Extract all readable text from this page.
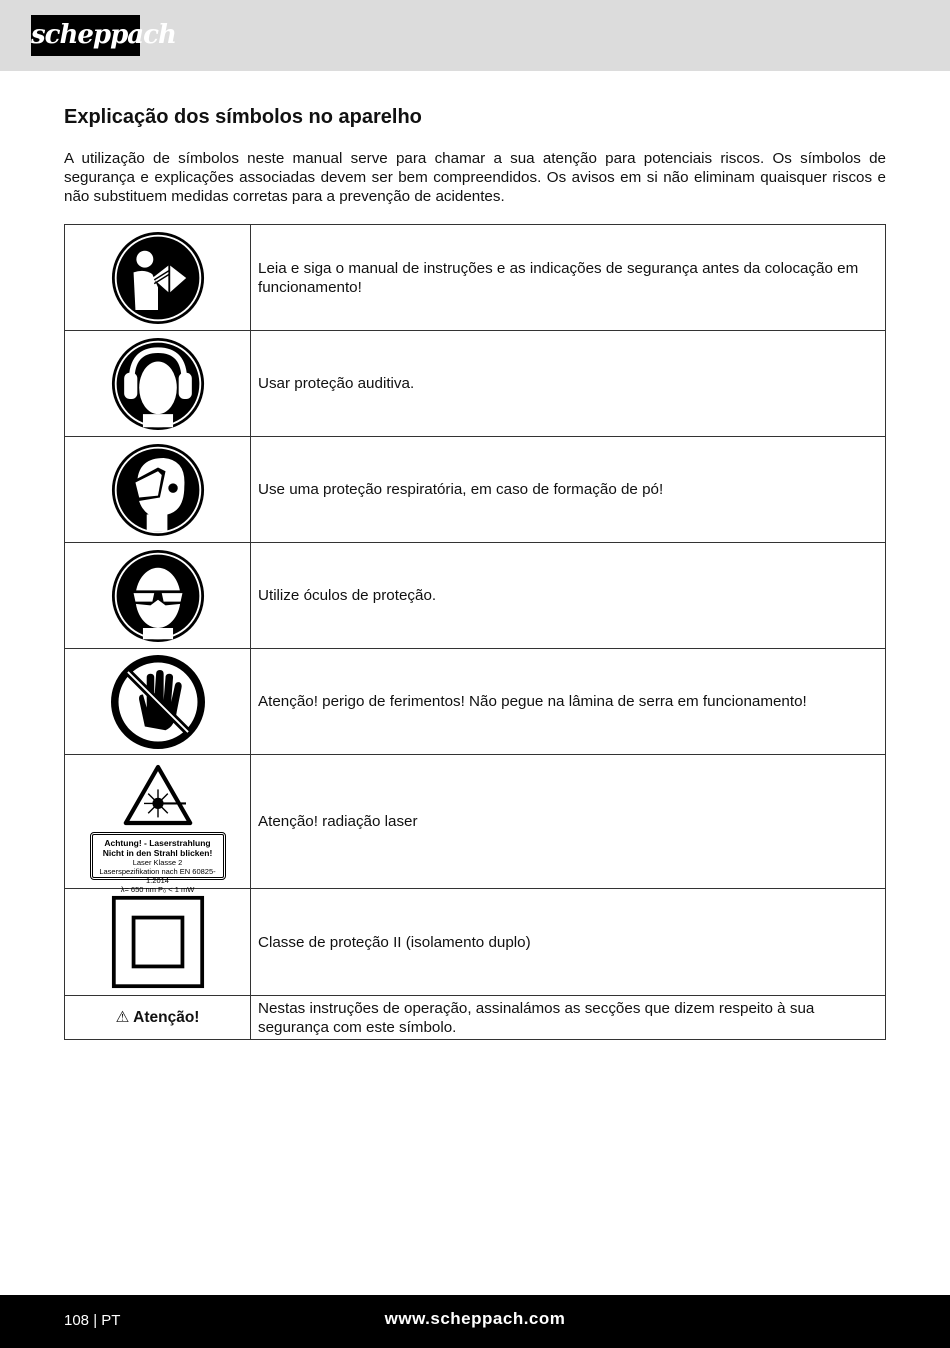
scheppach
Explicação dos símbolos no aparelho

A utilização de símbolos neste manual serve para chamar a sua atenção para potenciais riscos. Os símbolos de segurança e explicações associadas devem ser bem compreendidos. Os avisos em si não eliminam quaisquer riscos e não substituem medidas corretas para a prevenção de acidentes.

	Leia e siga o manual de instruções e as indicações de segurança antes da colocação em funcionamento!

	Usar proteção auditiva.

	Use uma proteção respiratória, em caso de formação de pó!

	Utilize óculos de proteção.

	Atenção! perigo de ferimentos! Não pegue na lâmina de serra em funcionamento!

Achtung! - Laserstrahlung
Nicht in den Strahl blicken!
Laser Klasse 2
Laserspezifikation nach EN 60825-1:2014
λ= 650 nm P₀ < 1 mW	Atenção! radiação laser

	Classe de proteção II (isolamento duplo)
⚠ Atenção!	Nestas instruções de operação, assinalámos as secções que dizem respeito à sua segurança com este símbolo.
www.scheppach.com
108 | PT
